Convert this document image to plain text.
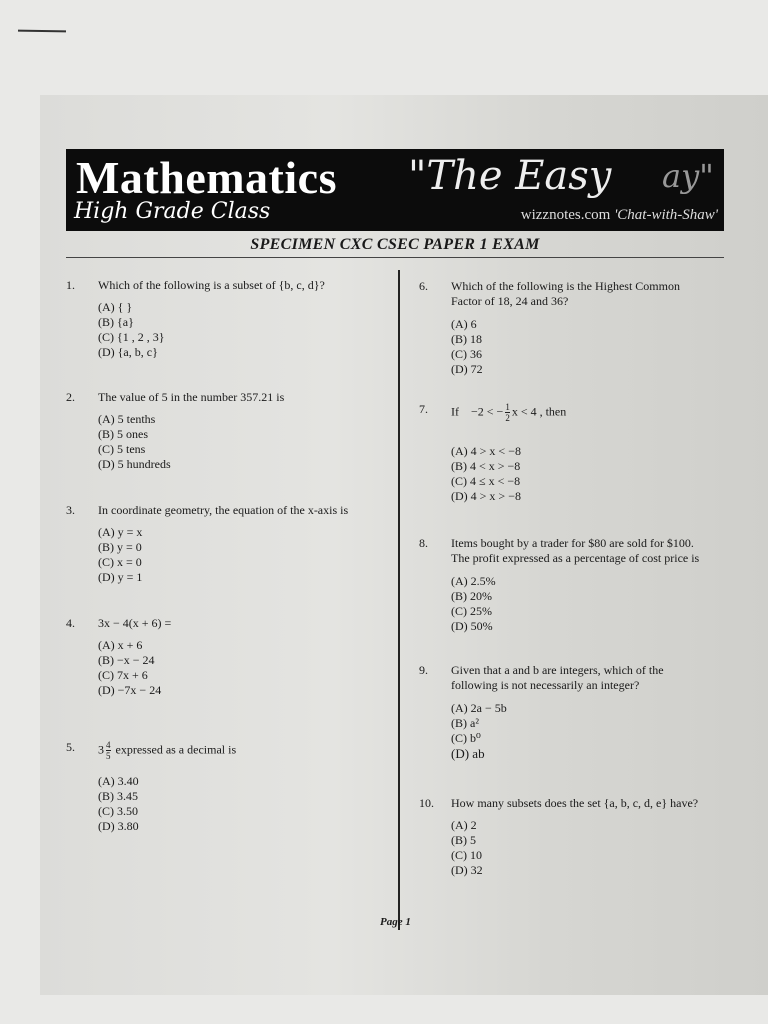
Mathematics "The Easy ay"
High Grade Class	wizznotes.com 'Chat-with-Shaw'
SPECIMEN CXC CSEC PAPER 1 EXAM
1. Which of the following is a subset of {b, c, d}?
(A) { }
(B) {a}
(C) {1 , 2 , 3}
(D) {a, b, c}
2. The value of 5 in the number 357.21 is
(A) 5 tenths
(B) 5 ones
(C) 5 tens
(D) 5 hundreds
3. In coordinate geometry, the equation of the x-axis is
(A) y = x
(B) y = 0
(C) x = 0
(D) y = 1
4. 3x − 4(x + 6) =
(A) x + 6
(B) −x − 24
(C) 7x + 6
(D) −7x − 24
5. $3 \frac{4}{5}$ expressed as a decimal is
(A) 3.40
(B) 3.45
(C) 3.50
(D) 3.80
6. Which of the following is the Highest Common
Factor of 18, 24 and 36?
(A) 6
(B) 18
(C) 36
(D) 72
7. If −2 < − $\frac{1}{2}$ x < 4 , then
(A) 4 > x < −8
(B) 4 < x > −8
(C) 4 ≤ x < −8
(D) 4 > x > −8
8. Items bought by a trader for $80 are sold for $100.
The profit expressed as a percentage of cost price is
(A) 2.5%
(B) 20%
(C) 25%
(D) 50%
9. Given that a and b are integers, which of the
following is not necessarily an integer?
(A) 2a − 5b
(B) a²
(C) b⁰
(D) ab
10. How many subsets does the set {a, b, c, d, e} have?
(A) 2
(B) 5
(C) 10
(D) 32
Page 1
